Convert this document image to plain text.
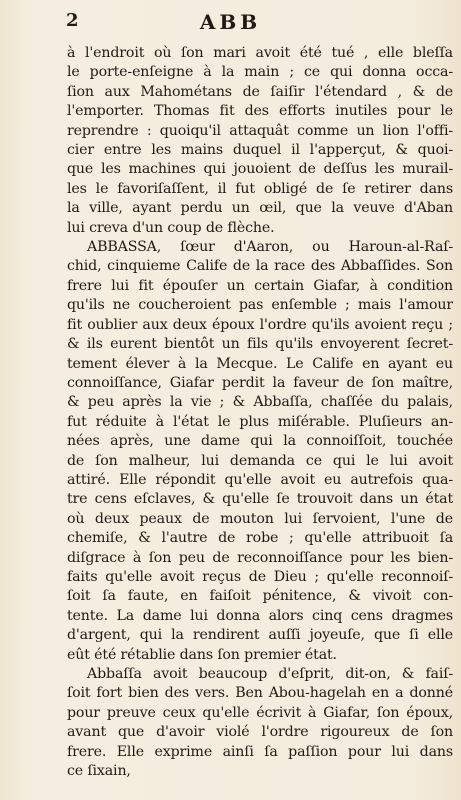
2	ABB
à l'endroit où ſon mari avoit été tué , elle bleſſa
le porte-enſeigne à la main ; ce qui donna occa-
ſion aux Mahométans de ſaiſir l'étendard , & de
l'emporter. Thomas fit des efforts inutiles pour le
reprendre : quoiqu'il attaquât comme un lion l'offi-
cier entre les mains duquel il l'apperçut, & quoi-
que les machines qui jouoient de deſſus les murail-
les le favoriſaſſent, il fut obligé de ſe retirer dans
la ville, ayant perdu un œil, que la veuve d'Aban
lui creva d'un coup de flèche.
ABBASSA, ſœur d'Aaron, ou Haroun-al-Raſ-
chid, cinquieme Calife de la race des Abbaſſides. Son
frere lui fit épouſer un certain Giafar, à condition
qu'ils ne coucheroient pas enſemble ; mais l'amour
fit oublier aux deux époux l'ordre qu'ils avoient reçu ;
& ils eurent bientôt un fils qu'ils envoyerent ſecret-
tement élever à la Mecque. Le Calife en ayant eu
connoiſſance, Giafar perdit la faveur de ſon maître,
& peu après la vie ; & Abbaſſa, chaſſée du palais,
fut réduite à l'état le plus miſérable. Pluſieurs an-
nées après, une dame qui la connoiſſoit, touchée
de ſon malheur, lui demanda ce qui le lui avoit
attiré. Elle répondit qu'elle avoit eu autrefois qua-
tre cens eſclaves, & qu'elle ſe trouvoit dans un état
où deux peaux de mouton lui ſervoient, l'une de
chemiſe, & l'autre de robe ; qu'elle attribuoit ſa
diſgrace à ſon peu de reconnoiſſance pour les bien-
faits qu'elle avoit reçus de Dieu ; qu'elle reconnoiſ-
ſoit ſa faute, en faiſoit pénitence, & vivoit con-
tente. La dame lui donna alors cinq cens dragmes
d'argent, qui la rendirent auſſi joyeuſe, que ſi elle
eût été rétablie dans ſon premier état.
Abbaſſa avoit beaucoup d'eſprit, dit-on, & faiſ-
ſoit fort bien des vers. Ben Abou-hagelah en a donné
pour preuve ceux qu'elle écrivit à Giafar, ſon époux,
avant que d'avoir violé l'ordre rigoureux de ſon
frere. Elle exprime ainſi ſa paſſion pour lui dans
ce ſixain,
